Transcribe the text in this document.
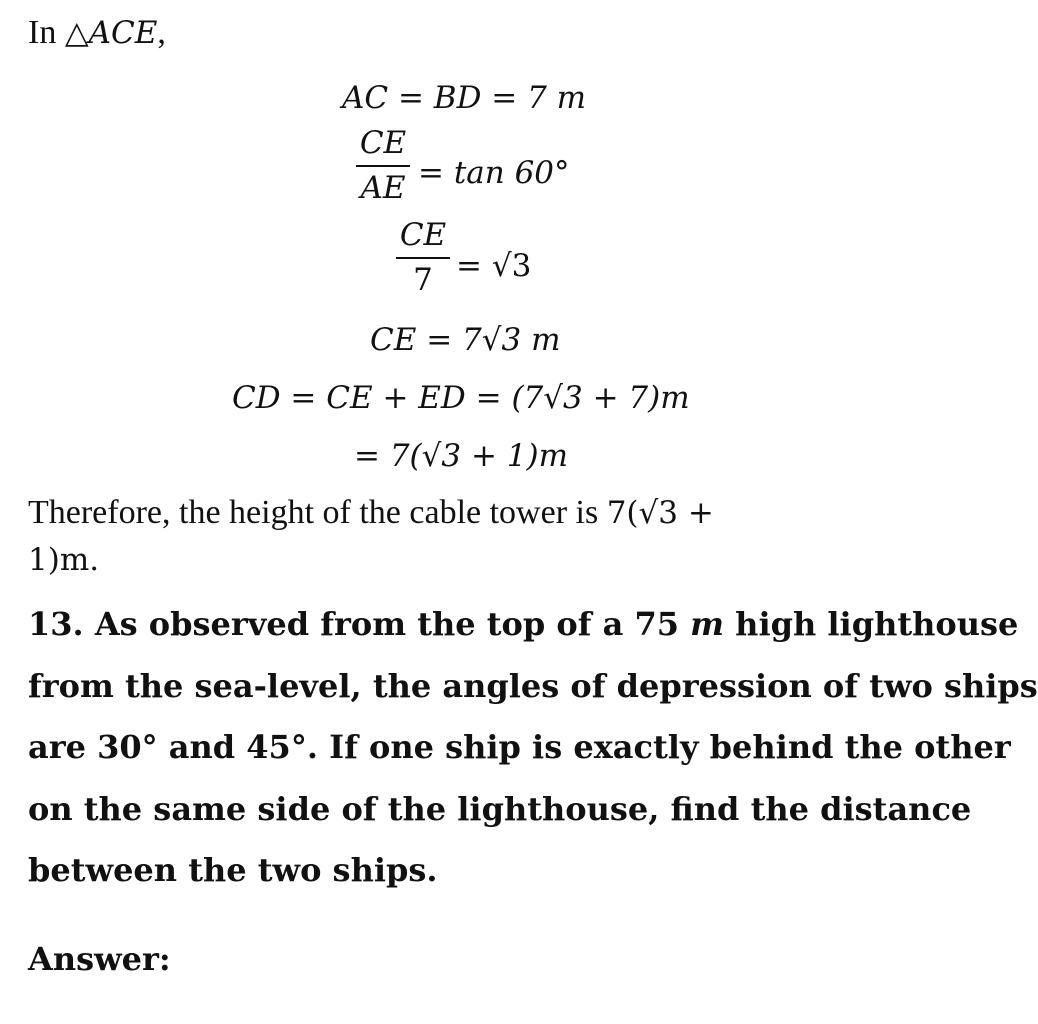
In △ACE,
AC = BD = 7 m
CE
AE = tan 60°
CE
7 = √3
CE = 7√3 m
CD = CE + ED = (7√3 + 7)m
= 7(√3 + 1)m
Therefore, the height of the cable tower is 7(√3 +
1)m.
13. As observed from the top of a 75 m high lighthouse
from the sea-level, the angles of depression of two ships
are 30° and 45°. If one ship is exactly behind the other
on the same side of the lighthouse, find the distance
between the two ships.
Answer:
